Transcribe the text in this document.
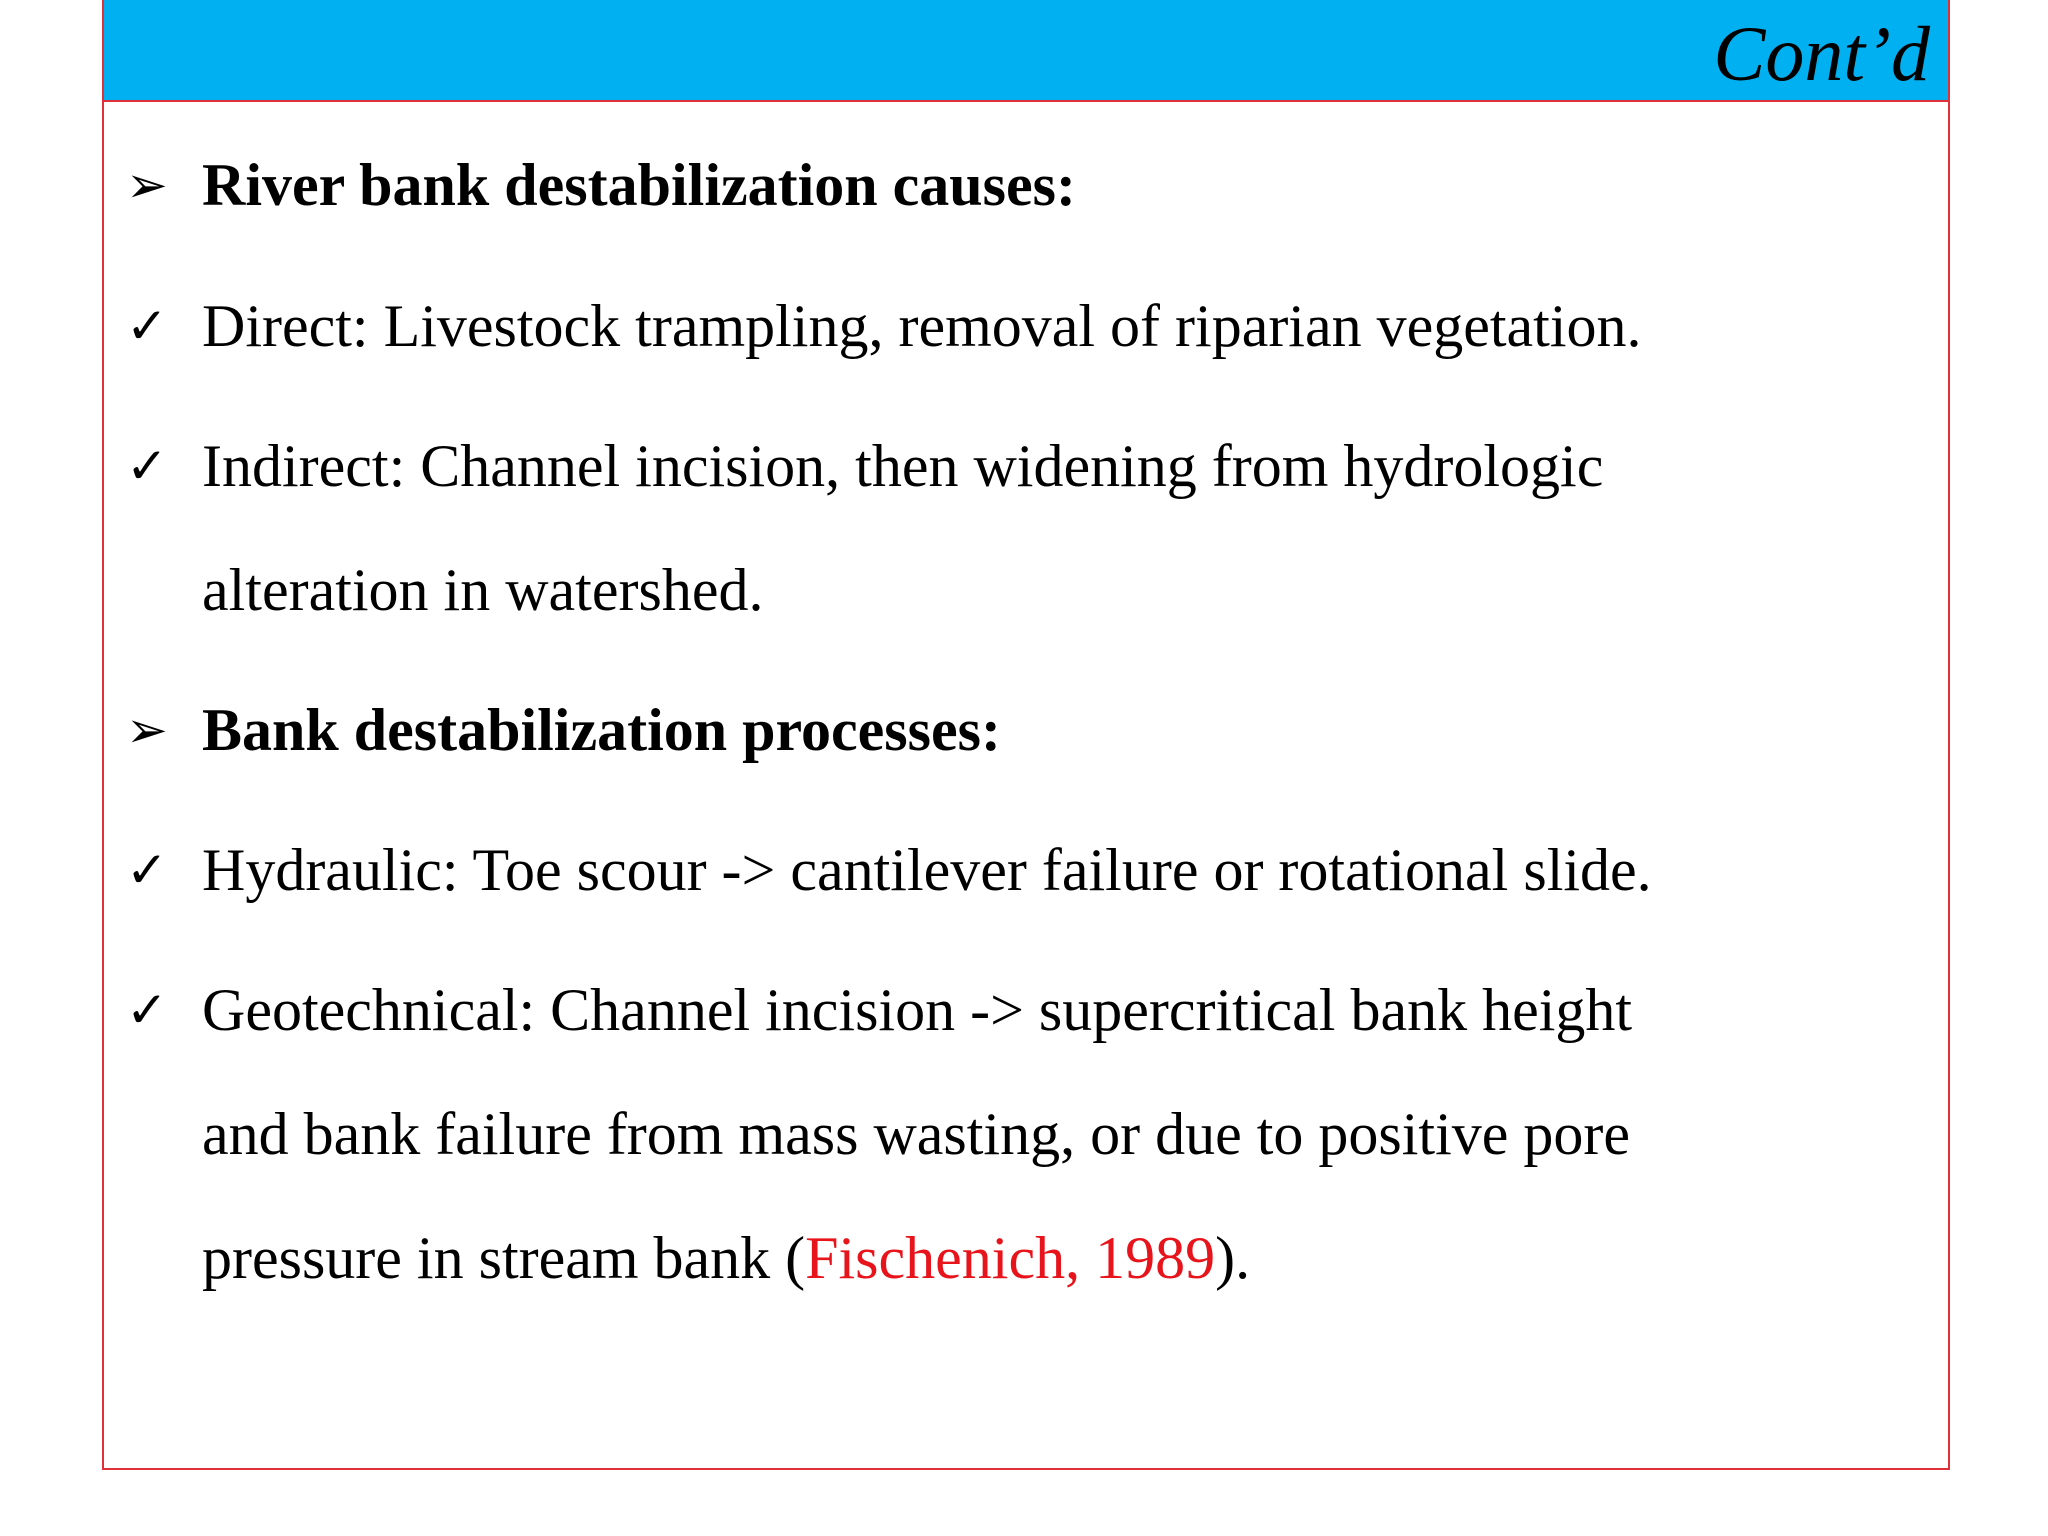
Cont’d
➢ River bank destabilization causes:
✓ Direct: Livestock trampling, removal of riparian vegetation.
✓ Indirect: Channel incision, then widening from hydrologic
alteration in watershed.
➢ Bank destabilization processes:
✓ Hydraulic: Toe scour -> cantilever failure or rotational slide.
✓ Geotechnical: Channel incision -> supercritical bank height
and bank failure from mass wasting, or due to positive pore
pressure in stream bank (Fischenich, 1989).
